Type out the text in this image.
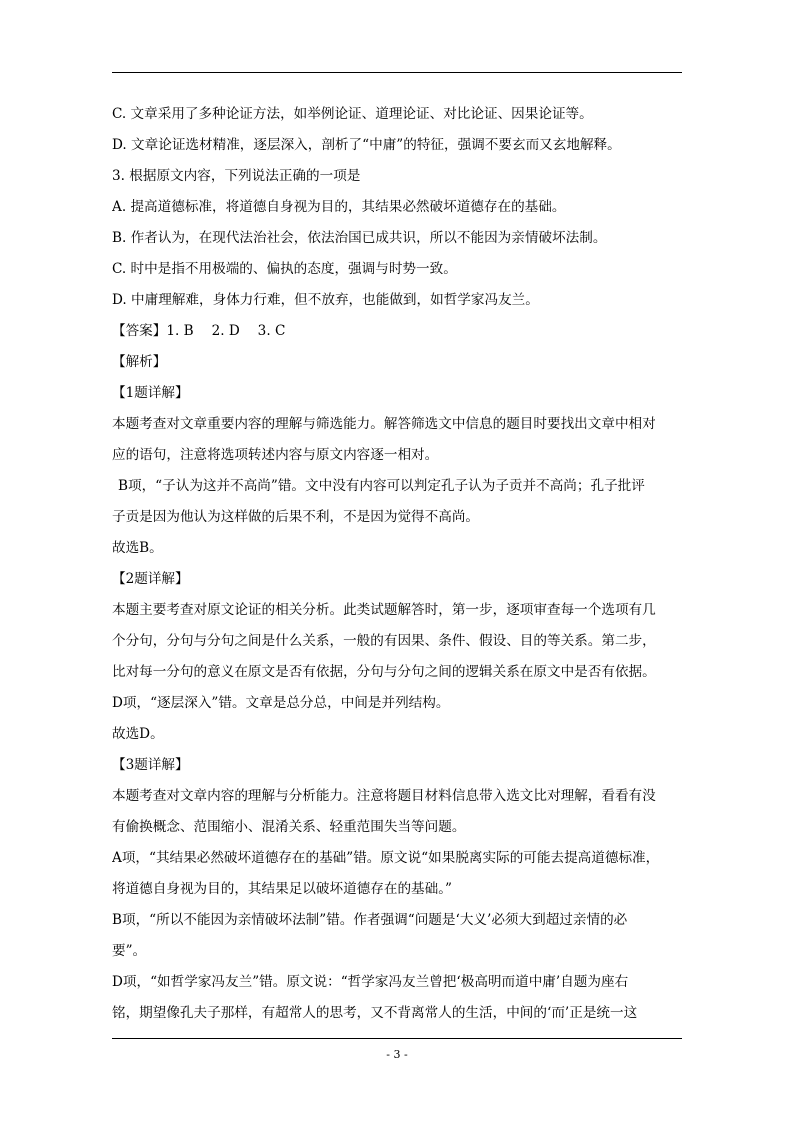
C. 文章采用了多种论证方法，如举例论证、道理论证、对比论证、因果论证等。
D. 文章论证选材精准，逐层深入，剖析了“中庸”的特征，强调不要玄而又玄地解释。
3. 根据原文内容，下列说法正确的一项是
A. 提高道德标准，将道德自身视为目的，其结果必然破坏道德存在的基础。
B. 作者认为，在现代法治社会，依法治国已成共识，所以不能因为亲情破坏法制。
C. 时中是指不用极端的、偏执的态度，强调与时势一致。
D. 中庸理解难，身体力行难，但不放弃，也能做到，如哲学家冯友兰。
【答案】1. B　 2. D　 3. C
【解析】
【1题详解】
本题考查对文章重要内容的理解与筛选能力。解答筛选文中信息的题目时要找出文章中相对
应的语句，注意将选项转述内容与原文内容逐一相对。
B项，“子认为这并不高尚”错。文中没有内容可以判定孔子认为子贡并不高尚；孔子批评
子贡是因为他认为这样做的后果不利，不是因为觉得不高尚。
故选B。
【2题详解】
本题主要考查对原文论证的相关分析。此类试题解答时，第一步，逐项审查每一个选项有几
个分句，分句与分句之间是什么关系，一般的有因果、条件、假设、目的等关系。第二步，
比对每一分句的意义在原文是否有依据，分句与分句之间的逻辑关系在原文中是否有依据。
D项，“逐层深入”错。文章是总分总，中间是并列结构。
故选D。
【3题详解】
本题考查对文章内容的理解与分析能力。注意将题目材料信息带入选文比对理解，看看有没
有偷换概念、范围缩小、混淆关系、轻重范围失当等问题。
A项，“其结果必然破坏道德存在的基础”错。原文说“如果脱离实际的可能去提高道德标准，
将道德自身视为目的，其结果足以破坏道德存在的基础。”
B项，“所以不能因为亲情破坏法制”错。作者强调“问题是‘大义’必须大到超过亲情的必
要”。
D项，“如哲学家冯友兰”错。原文说：“哲学家冯友兰曾把‘极高明而道中庸’自题为座右
铭，期望像孔夫子那样，有超常人的思考，又不背离常人的生活，中间的‘而’正是统一这
- 3 -
